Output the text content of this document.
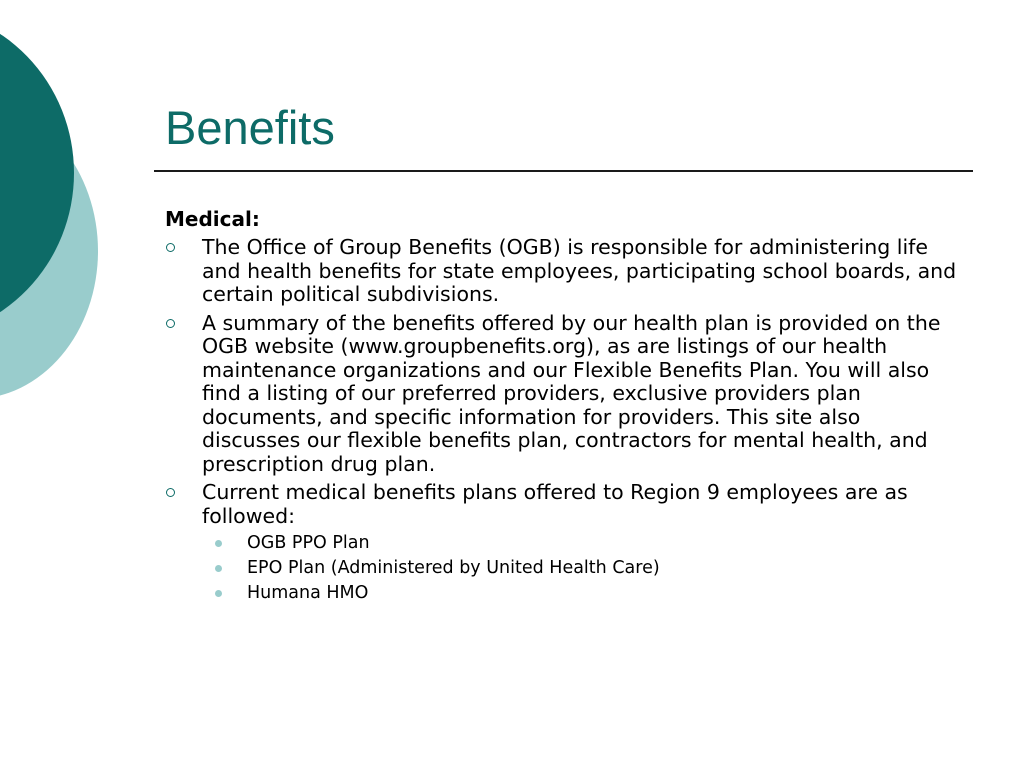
Benefits
Medical:
The Office of Group Benefits (OGB) is responsible for administering life and health benefits for state employees, participating school boards, and certain political subdivisions.
A summary of the benefits offered by our health plan is provided on the OGB website (www.groupbenefits.org), as are listings of our health maintenance organizations and our Flexible Benefits Plan. You will also find a listing of our preferred providers, exclusive providers plan documents, and specific information for providers. This site also discusses our flexible benefits plan, contractors for mental health, and prescription drug plan.
Current medical benefits plans offered to Region 9 employees are as followed:
OGB PPO Plan
EPO Plan (Administered by United Health Care)
Humana HMO
